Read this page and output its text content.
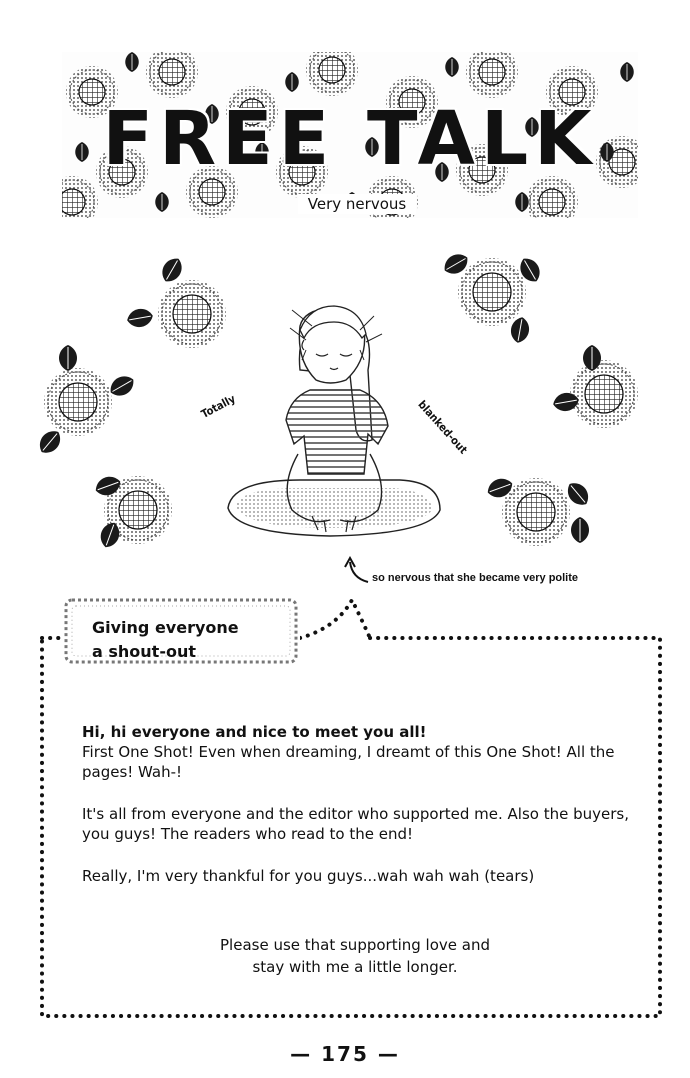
FREE TALK
Very nervous
Totally	blanked-out
so nervous that she became very polite
Giving everyone
a shout-out
Hi, hi everyone and nice to meet you all!

First One Shot! Even when dreaming, I dreamt of this One Shot! All the pages! Wah-!

It's all from everyone and the editor who supported me. Also the buyers, you guys! The readers who read to the end!

Really, I'm very thankful for you guys...wah wah wah (tears)

Please use that supporting love and
stay with me a little longer.
— 175 —
